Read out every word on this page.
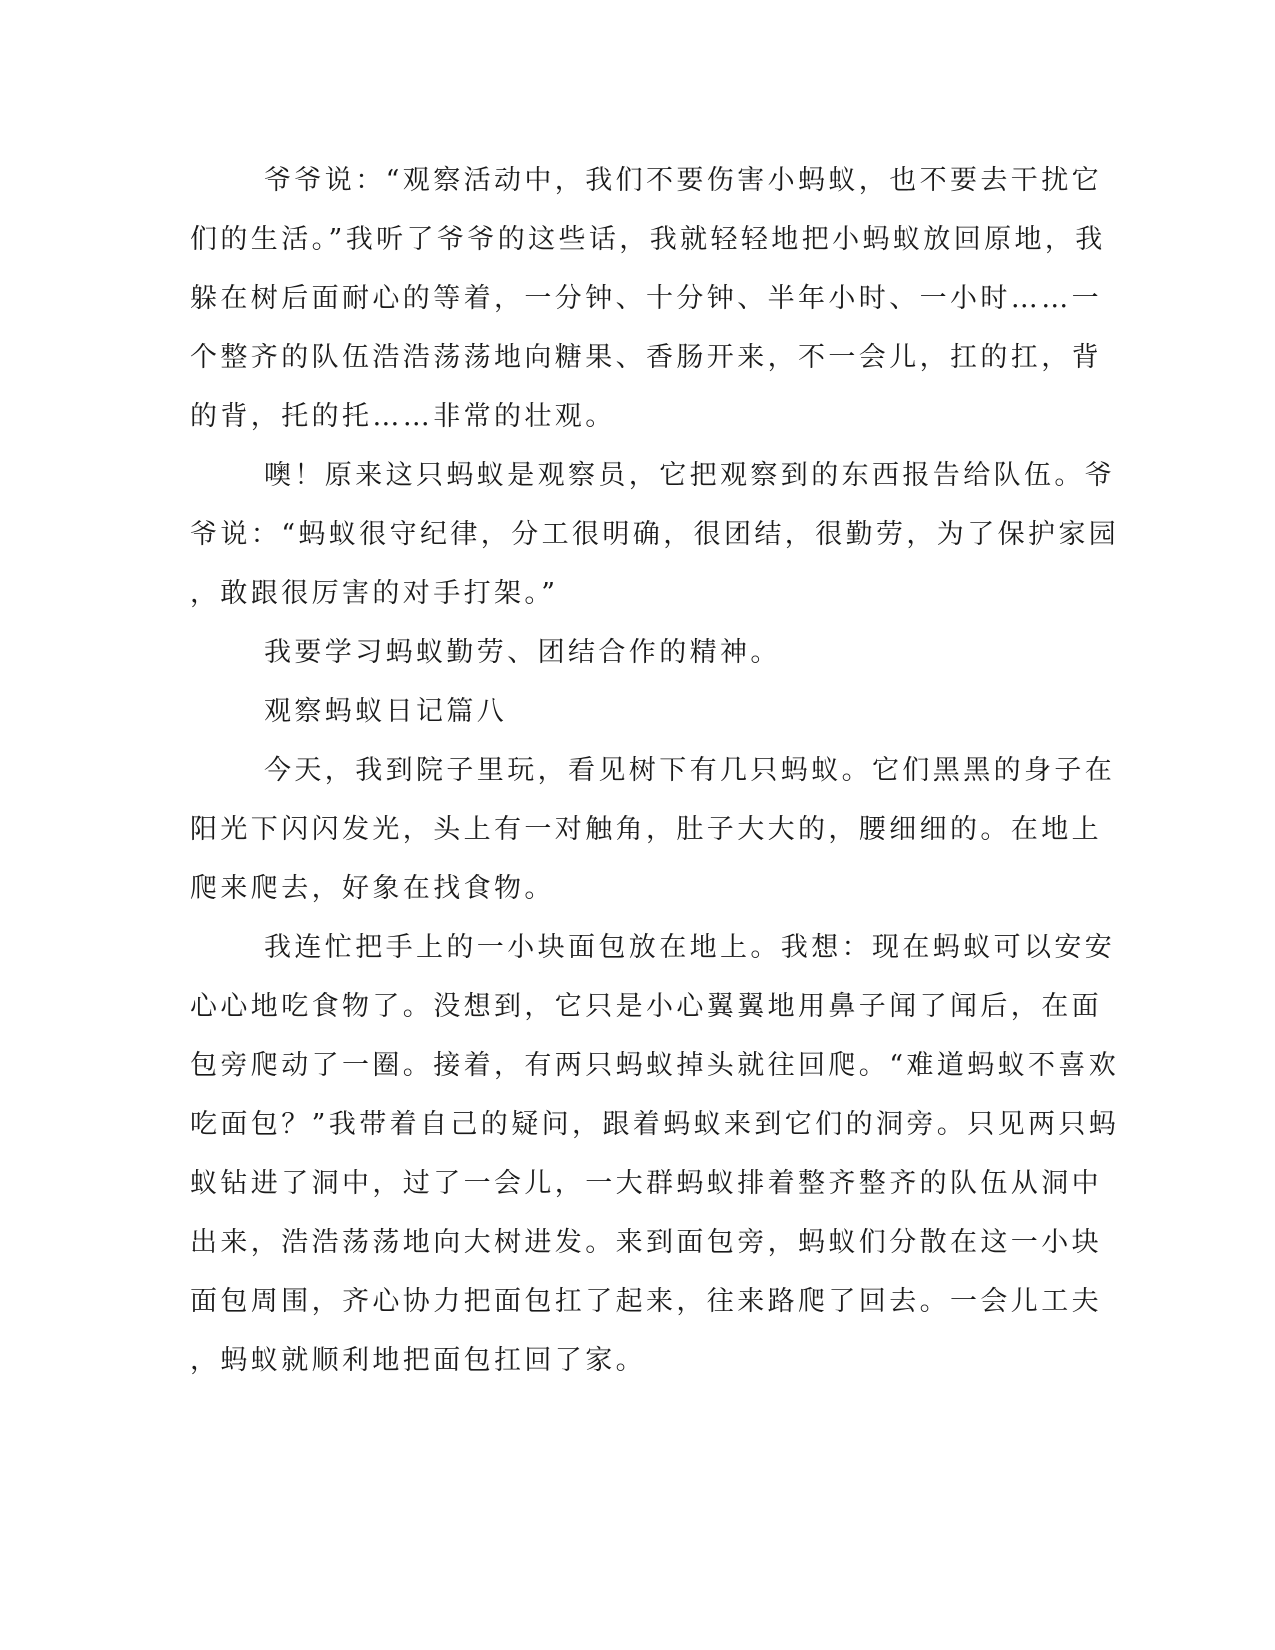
爷爷说：“观察活动中，我们不要伤害小蚂蚁，也不要去干扰它

们的生活。”我听了爷爷的这些话，我就轻轻地把小蚂蚁放回原地，我

躲在树后面耐心的等着，一分钟、十分钟、半年小时、一小时……一

个整齐的队伍浩浩荡荡地向糖果、香肠开来，不一会儿，扛的扛，背

的背，托的托……非常的壮观。

噢！原来这只蚂蚁是观察员，它把观察到的东西报告给队伍。爷

爷说：“蚂蚁很守纪律，分工很明确，很团结，很勤劳，为了保护家园

，敢跟很厉害的对手打架。”

我要学习蚂蚁勤劳、团结合作的精神。

观察蚂蚁日记篇八

今天，我到院子里玩，看见树下有几只蚂蚁。它们黑黑的身子在

阳光下闪闪发光，头上有一对触角，肚子大大的，腰细细的。在地上

爬来爬去，好象在找食物。

我连忙把手上的一小块面包放在地上。我想：现在蚂蚁可以安安

心心地吃食物了。没想到，它只是小心翼翼地用鼻子闻了闻后，在面

包旁爬动了一圈。接着，有两只蚂蚁掉头就往回爬。“难道蚂蚁不喜欢

吃面包？”我带着自己的疑问，跟着蚂蚁来到它们的洞旁。只见两只蚂

蚁钻进了洞中，过了一会儿，一大群蚂蚁排着整齐整齐的队伍从洞中

出来，浩浩荡荡地向大树进发。来到面包旁，蚂蚁们分散在这一小块

面包周围，齐心协力把面包扛了起来，往来路爬了回去。一会儿工夫

，蚂蚁就顺利地把面包扛回了家。
